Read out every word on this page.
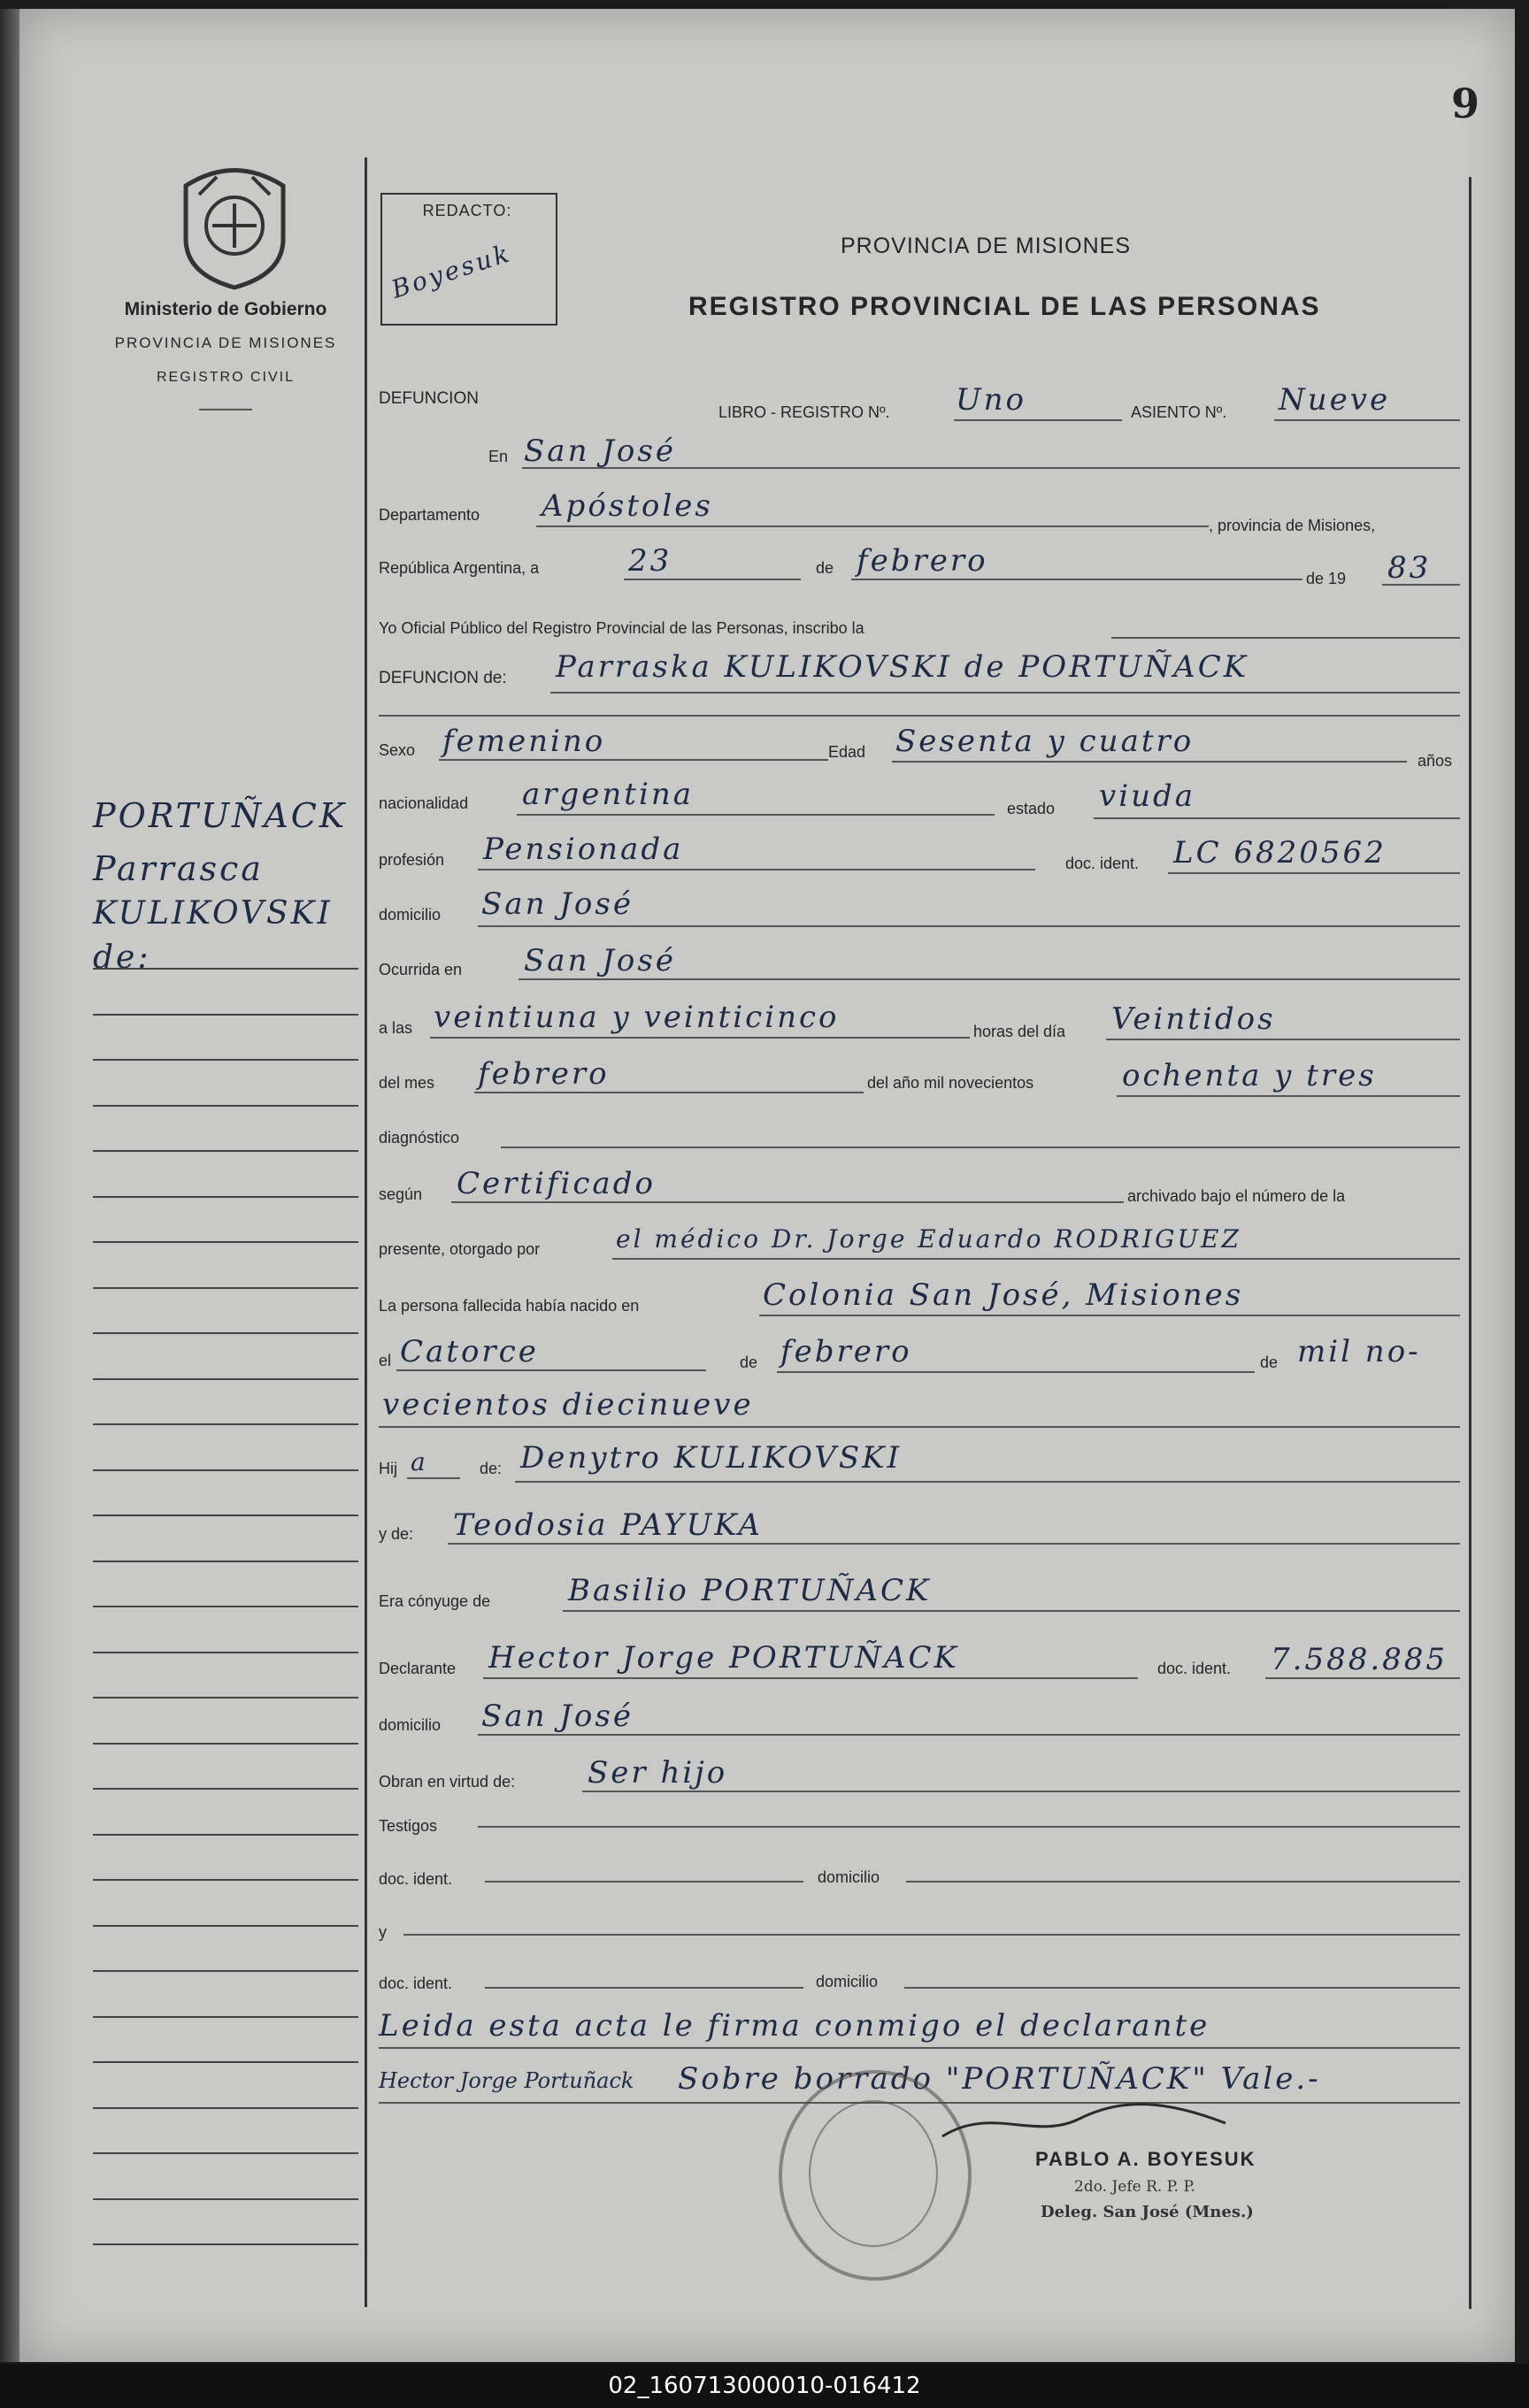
9
Ministerio de Gobierno
PROVINCIA DE MISIONES
REGISTRO CIVIL
REDACTO:
Boyesuk	PROVINCIA DE MISIONES
REGISTRO PROVINCIAL DE LAS PERSONAS
PORTUÑACK
Parrasca
KULIKOVSKI
de:
DEFUNCION
LIBRO - REGISTRO Nº. Uno	ASIENTO Nº. Nueve
En San José
Departamento Apóstoles
, provincia de Misiones,
República Argentina, a	23	de febrero	de 19 83
Yo Oficial Público del Registro Provincial de las Personas, inscribo la
DEFUNCION de: Parraska KULIKOVSKI de PORTUÑACK
Sexo femenino	Edad Sesenta y cuatro
años
nacionalidad argentina	estado viuda
profesión Pensionada	doc. ident. LC 6820562
domicilio San José
Ocurrida en San José
a las veintiuna y veinticinco	horas del día Veintidos
del mes febrero	del año mil novecientos	ochenta y tres
diagnóstico
según Certificado	archivado bajo el número de la
presente, otorgado por	el médico Dr. Jorge Eduardo RODRIGUEZ
La persona fallecida había nacido en	Colonia San José, Misiones
el Catorce	de febrero	de mil no-
vecientos diecinueve
Hij a	de: Denytro KULIKOVSKI
y de: Teodosia PAYUKA
Era cónyuge de	Basilio PORTUÑACK
Declarante Hector Jorge PORTUÑACK	doc. ident. 7.588.885
domicilio San José
Obran en virtud de: Ser hijo
Testigos
doc. ident.	domicilio
y
doc. ident.	domicilio
Leida esta acta le firma conmigo el declarante
Hector Jorge Portuñack Sobre borrado "PORTUÑACK" Vale.-
PABLO A. BOYESUK
2do. Jefe R. P. P.
Deleg. San José (Mnes.)
02_160713000010-016412
